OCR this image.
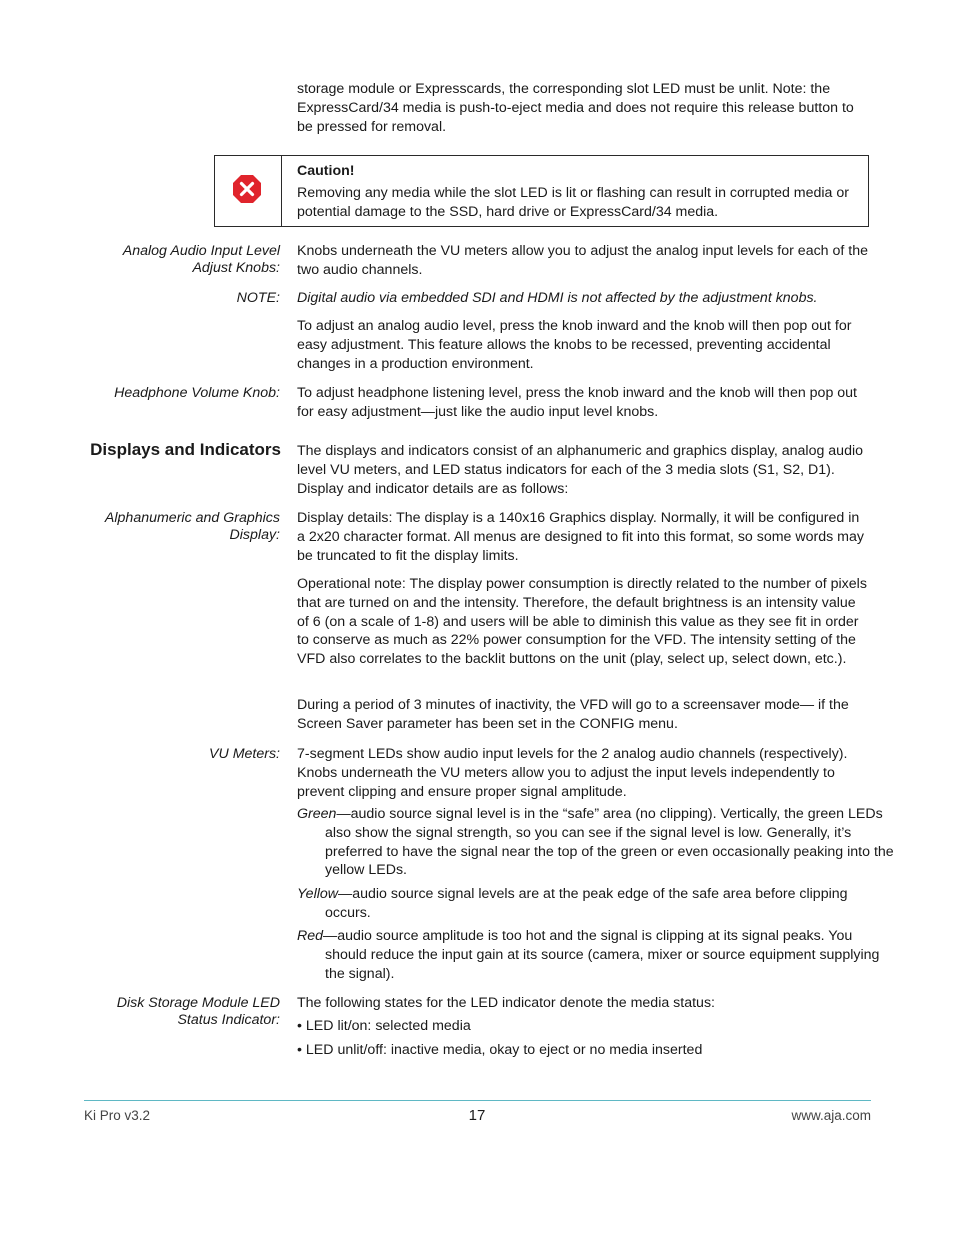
storage module or Expresscards, the corresponding slot LED must be unlit. Note: the ExpressCard/34 media is push-to-eject media and does not require this release button to be pressed for removal.

Caution!

Removing any media while the slot LED is lit or flashing can result in corrupted media or potential damage to the SSD, hard drive or ExpressCard/34 media.

Analog Audio Input Level Adjust Knobs:

Knobs underneath the VU meters allow you to adjust the analog input levels for each of the two audio channels.

NOTE: Digital audio via embedded SDI and HDMI is not affected by the adjustment knobs.

To adjust an analog audio level, press the knob inward and the knob will then pop out for easy adjustment. This feature allows the knobs to be recessed, preventing accidental changes in a production environment.

Headphone Volume Knob: To adjust headphone listening level, press the knob inward and the knob will then pop out for easy adjustment—just like the audio input level knobs.

Displays and Indicators The displays and indicators consist of an alphanumeric and graphics display, analog audio level VU meters, and LED status indicators for each of the 3 media slots (S1, S2, D1). Display and indicator details are as follows:

Alphanumeric and Graphics Display:

Display details: The display is a 140x16 Graphics display. Normally, it will be configured in a 2x20 character format. All menus are designed to fit into this format, so some words may be truncated to fit the display limits.

Operational note: The display power consumption is directly related to the number of pixels that are turned on and the intensity. Therefore, the default brightness is an intensity value of 6 (on a scale of 1-8) and users will be able to diminish this value as they see fit in order to conserve as much as 22% power consumption for the VFD. The intensity setting of the VFD also correlates to the backlit buttons on the unit (play, select up, select down, etc.).

During a period of 3 minutes of inactivity, the VFD will go to a screensaver mode— if the Screen Saver parameter has been set in the CONFIG menu.

VU Meters: 7-segment LEDs show audio input levels for the 2 analog audio channels (respectively). Knobs underneath the VU meters allow you to adjust the input levels independently to prevent clipping and ensure proper signal amplitude.

Green—audio source signal level is in the “safe” area (no clipping). Vertically, the green LEDs also show the signal strength, so you can see if the signal level is low. Generally, it’s preferred to have the signal near the top of the green or even occasionally peaking into the yellow LEDs.

Yellow—audio source signal levels are at the peak edge of the safe area before clipping occurs.

Red—audio source amplitude is too hot and the signal is clipping at its signal peaks. You should reduce the input gain at its source (camera, mixer or source equipment supplying the signal).

Disk Storage Module LED Status Indicator:

The following states for the LED indicator denote the media status:

• LED lit/on: selected media

• LED unlit/off: inactive media, okay to eject or no media inserted

Ki Pro v3.2	17	www.aja.com
